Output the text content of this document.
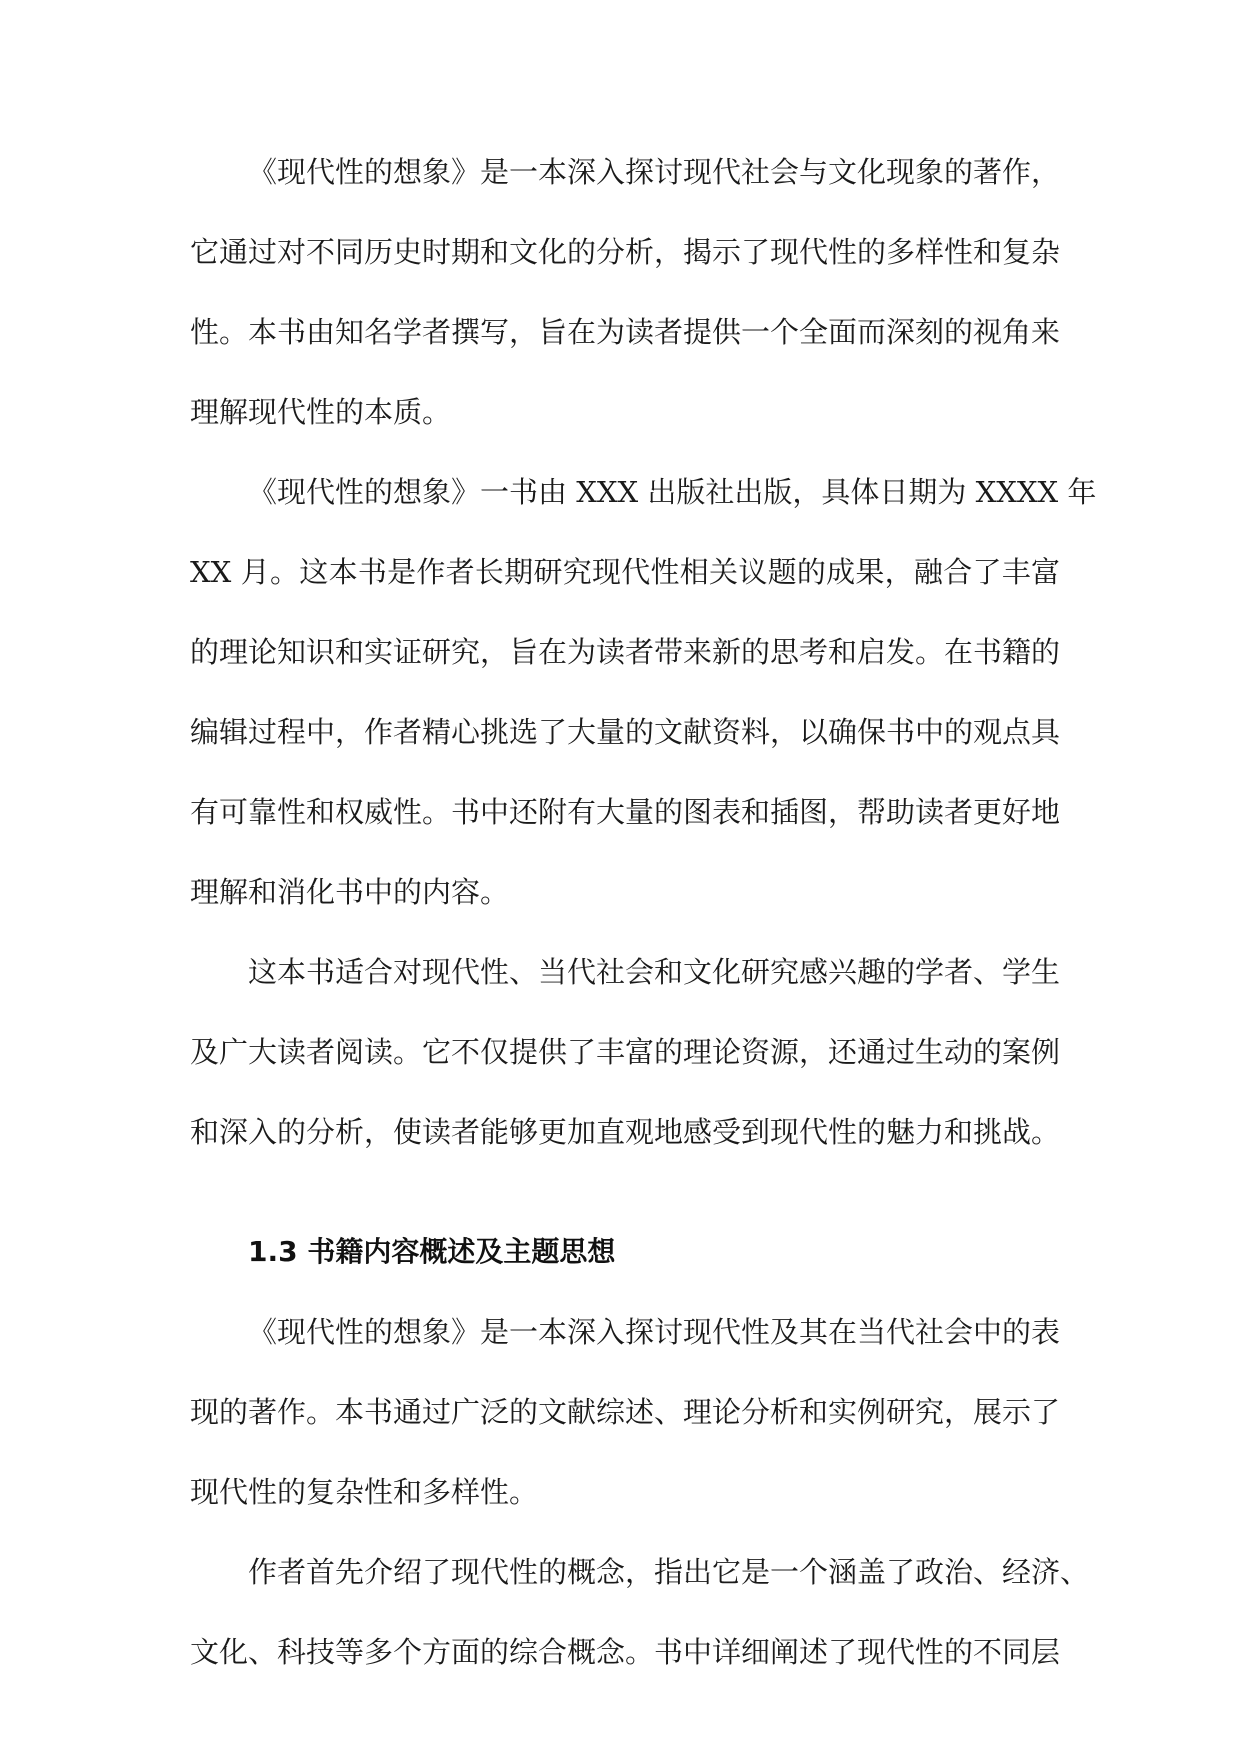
《现代性的想象》是一本深入探讨现代社会与文化现象的著作，
它通过对不同历史时期和文化的分析，揭示了现代性的多样性和复杂
性。本书由知名学者撰写，旨在为读者提供一个全面而深刻的视角来
理解现代性的本质。
《现代性的想象》一书由 XXX 出版社出版，具体日期为 XXXX 年
XX 月。这本书是作者长期研究现代性相关议题的成果，融合了丰富
的理论知识和实证研究，旨在为读者带来新的思考和启发。在书籍的
编辑过程中，作者精心挑选了大量的文献资料，以确保书中的观点具
有可靠性和权威性。书中还附有大量的图表和插图，帮助读者更好地
理解和消化书中的内容。
这本书适合对现代性、当代社会和文化研究感兴趣的学者、学生
及广大读者阅读。它不仅提供了丰富的理论资源，还通过生动的案例
和深入的分析，使读者能够更加直观地感受到现代性的魅力和挑战。
1.3 书籍内容概述及主题思想
《现代性的想象》是一本深入探讨现代性及其在当代社会中的表
现的著作。本书通过广泛的文献综述、理论分析和实例研究，展示了
现代性的复杂性和多样性。
作者首先介绍了现代性的概念，指出它是一个涵盖了政治、经济、
文化、科技等多个方面的综合概念。书中详细阐述了现代性的不同层
